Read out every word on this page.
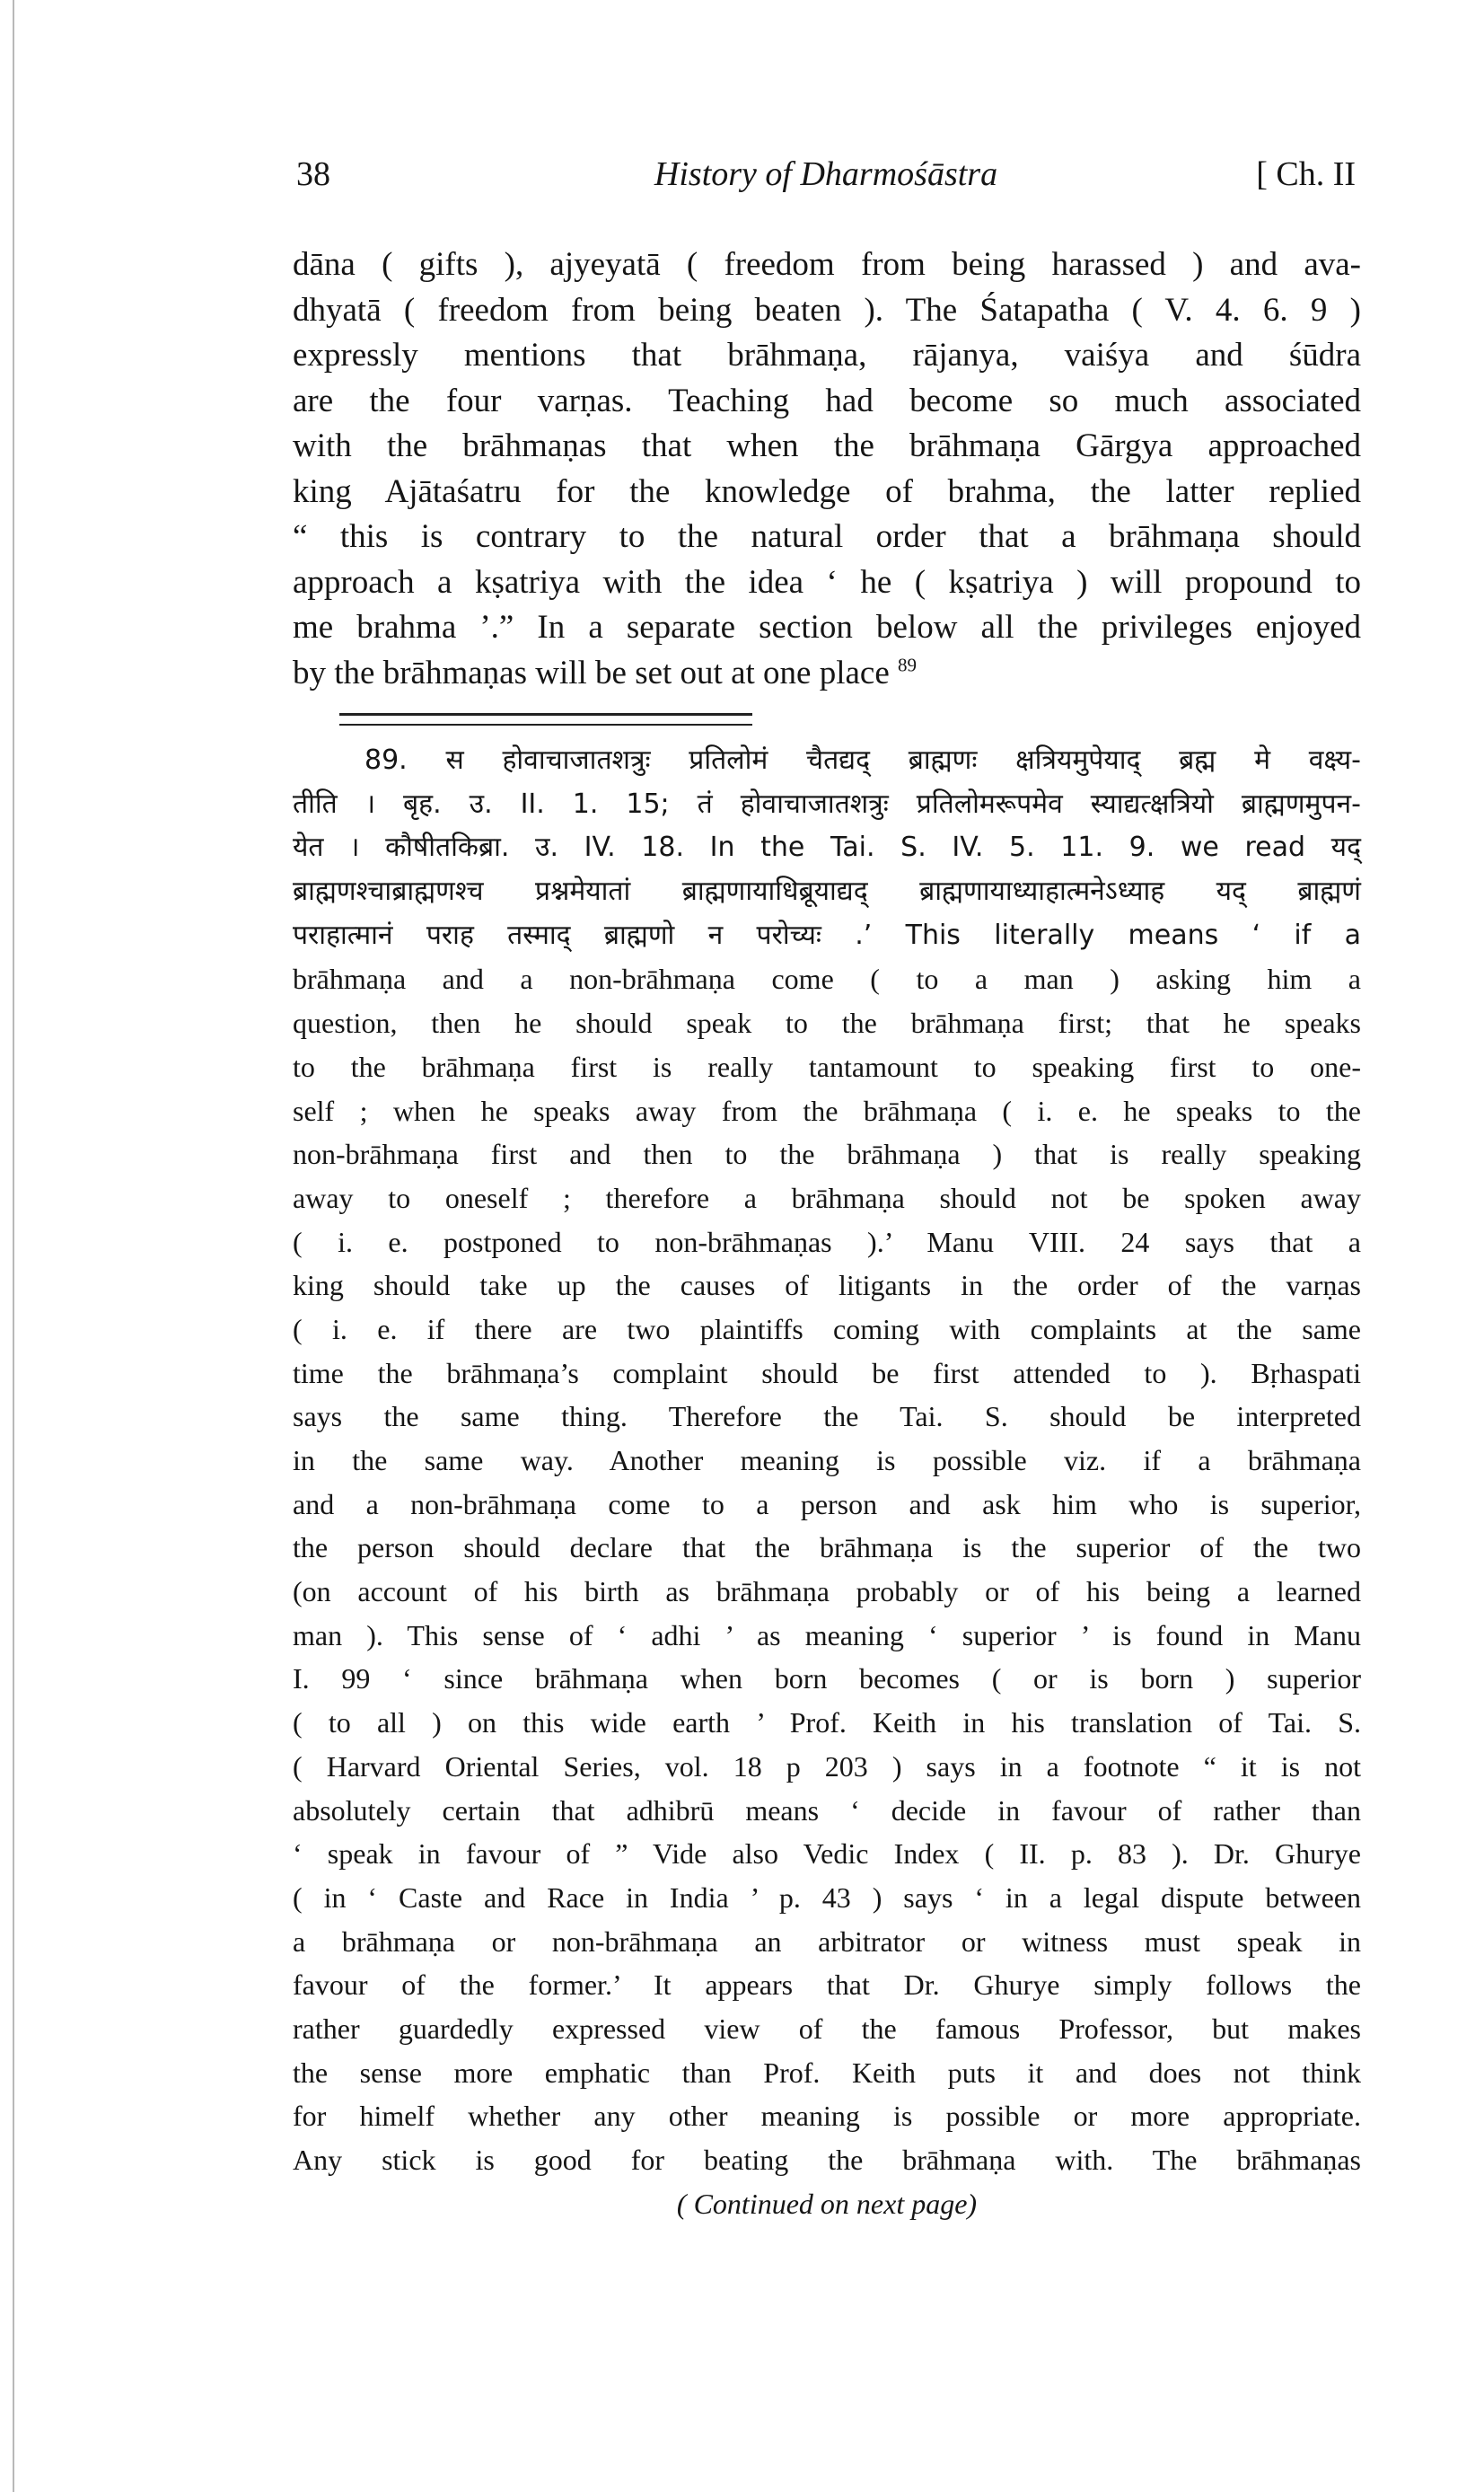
38	History of Dharmośāstra	[ Ch. II
dāna ( gifts ), ajyeyatā ( freedom from being harassed ) and ava-
dhyatā ( freedom from being beaten ). The Śatapatha ( V. 4. 6. 9 )
expressly mentions that brāhmaṇa, rājanya, vaiśya and śūdra
are the four varṇas. Teaching had become so much associated
with the brāhmaṇas that when the brāhmaṇa Gārgya approached
king Ajātaśatru for the knowledge of brahma, the latter replied
“ this is contrary to the natural order that a brāhmaṇa should
approach a kṣatriya with the idea ‘ he ( kṣatriya ) will propound to
me brahma ’.” In a separate section below all the privileges enjoyed
by the brāhmaṇas will be set out at one place $^{89}$
89. स होवाचाजातशत्रुः प्रतिलोमं चैतद्यद् ब्राह्मणः क्षत्रियमुपेयाद् ब्रह्म मे वक्ष्य-
तीति । बृह. उ. II. 1. 15; तं होवाचाजातशत्रुः प्रतिलोमरूपमेव स्याद्यत्क्षत्रियो ब्राह्मणमुपन-
येत । कौषीतकिब्रा. उ. IV. 18. In the Tai. S. IV. 5. 11. 9. we read यद्
ब्राह्मणश्चाब्राह्मणश्च प्रश्नमेयातां ब्राह्मणायाधिब्रूयाद्यद् ब्राह्मणायाध्याहात्मनेऽध्याह यद् ब्राह्मणं
पराहात्मानं पराह तस्माद् ब्राह्मणो न परोच्यः .’ This literally means ‘ if a
brāhmaṇa and a non-brāhmaṇa come ( to a man ) asking him a
question, then he should speak to the brāhmaṇa first; that he speaks
to the brāhmaṇa first is really tantamount to speaking first to one-
self ; when he speaks away from the brāhmaṇa ( i. e. he speaks to the
non-brāhmaṇa first and then to the brāhmaṇa ) that is really speaking
away to oneself ; therefore a brāhmaṇa should not be spoken away
( i. e. postponed to non-brāhmaṇas ).’ Manu VIII. 24 says that a
king should take up the causes of litigants in the order of the varṇas
( i. e. if there are two plaintiffs coming with complaints at the same
time the brāhmaṇa’s complaint should be first attended to ). Bṛhaspati
says the same thing. Therefore the Tai. S. should be interpreted
in the same way. Another meaning is possible viz. if a brāhmaṇa
and a non-brāhmaṇa come to a person and ask him who is superior,
the person should declare that the brāhmaṇa is the superior of the two
(on account of his birth as brāhmaṇa probably or of his being a learned
man ). This sense of ‘ adhi ’ as meaning ‘ superior ’ is found in Manu
I. 99 ‘ since brāhmaṇa when born becomes ( or is born ) superior
( to all ) on this wide earth ’ Prof. Keith in his translation of Tai. S.
( Harvard Oriental Series, vol. 18 p 203 ) says in a footnote “ it is not
absolutely certain that adhibrū means ‘ decide in favour of rather than
‘ speak in favour of ” Vide also Vedic Index ( II. p. 83 ). Dr. Ghurye
( in ‘ Caste and Race in India ’ p. 43 ) says ‘ in a legal dispute between
a brāhmaṇa or non-brāhmaṇa an arbitrator or witness must speak in
favour of the former.’ It appears that Dr. Ghurye simply follows the
rather guardedly expressed view of the famous Professor, but makes
the sense more emphatic than Prof. Keith puts it and does not think
for himelf whether any other meaning is possible or more appropriate.
Any stick is good for beating the brāhmaṇa with. The brāhmaṇas
( Continued on next page)
